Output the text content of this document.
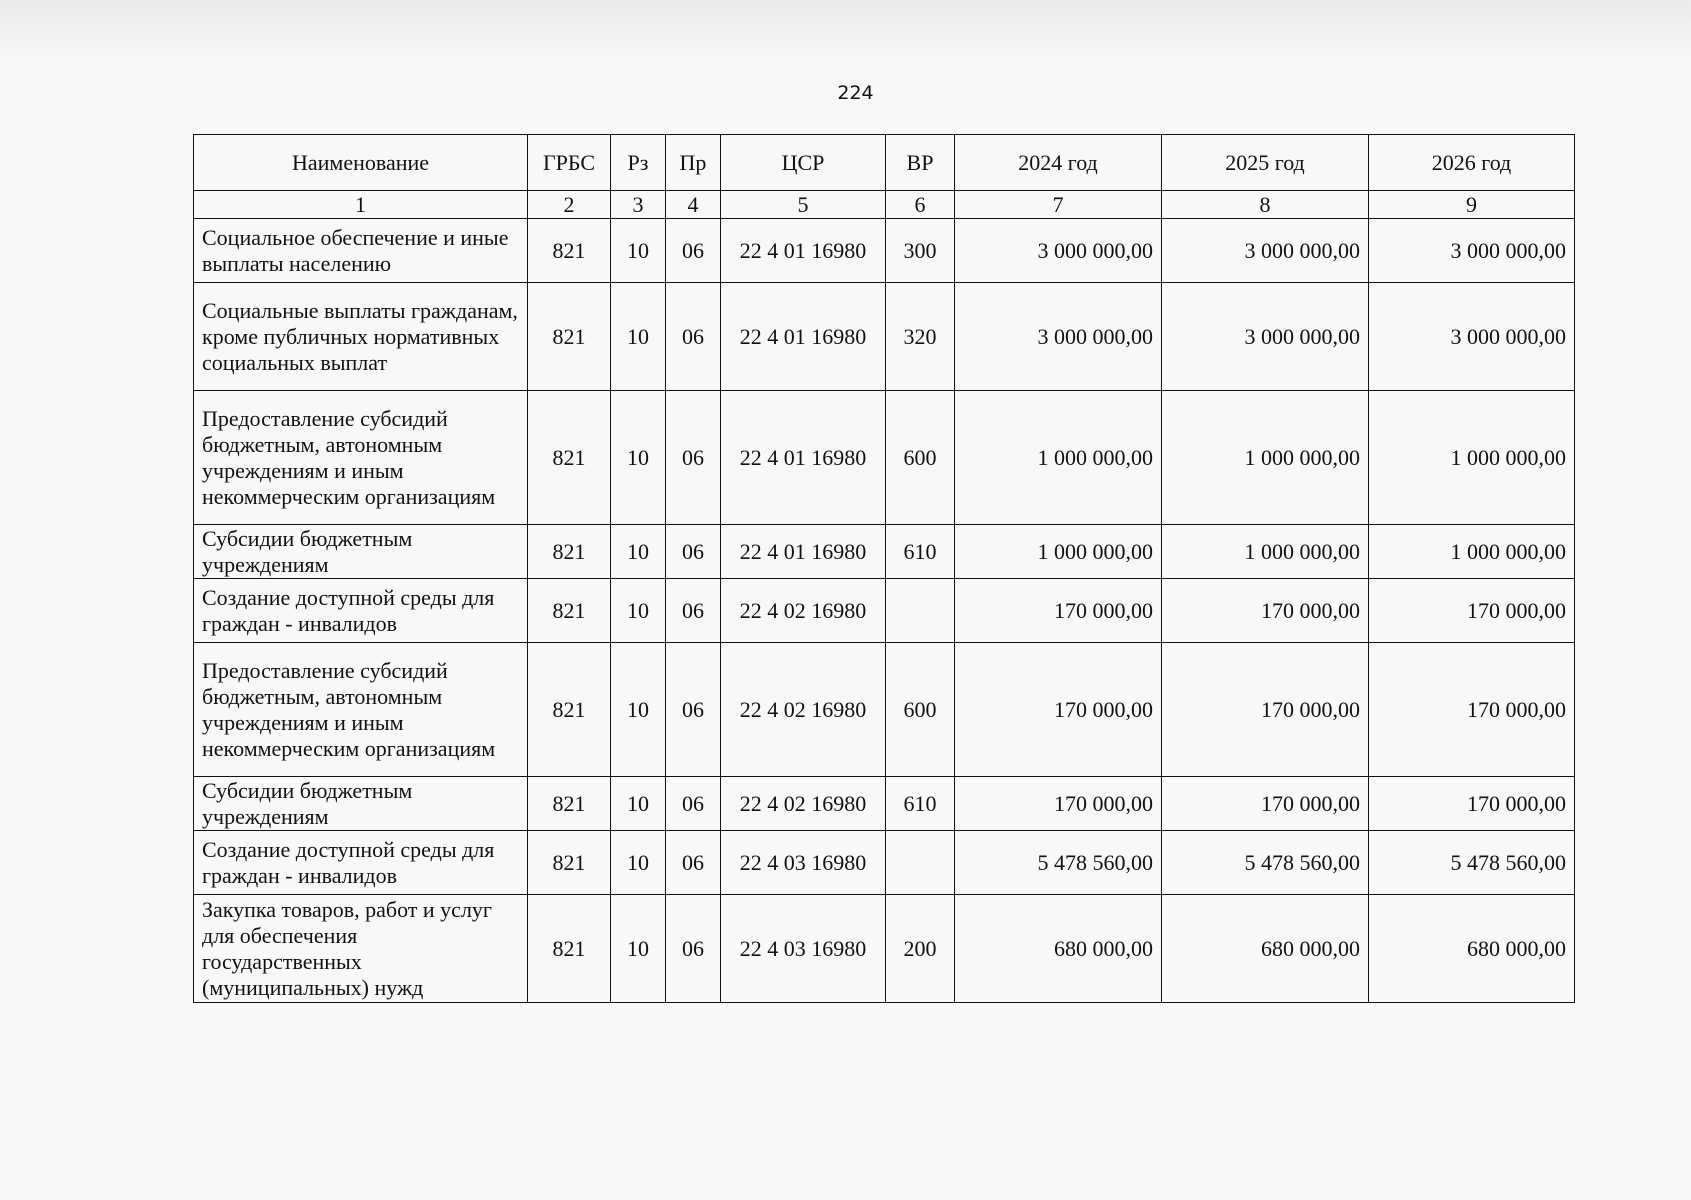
224
Наименование	ГРБС	Рз	Пр	ЦСР	ВР	2024 год	2025 год	2026 год
1	2	3	4	5	6	7	8	9
Социальное обеспечение и иные выплаты населению	821	10	06	22 4 01 16980	300	3 000 000,00	3 000 000,00	3 000 000,00
Социальные выплаты гражданам, кроме публичных нормативных социальных выплат	821	10	06	22 4 01 16980	320	3 000 000,00	3 000 000,00	3 000 000,00
Предоставление субсидий бюджетным, автономным учреждениям и иным некоммерческим организациям	821	10	06	22 4 01 16980	600	1 000 000,00	1 000 000,00	1 000 000,00
Субсидии бюджетным учреждениям	821	10	06	22 4 01 16980	610	1 000 000,00	1 000 000,00	1 000 000,00
Создание доступной среды для граждан - инвалидов	821	10	06	22 4 02 16980		170 000,00	170 000,00	170 000,00
Предоставление субсидий бюджетным, автономным учреждениям и иным некоммерческим организациям	821	10	06	22 4 02 16980	600	170 000,00	170 000,00	170 000,00
Субсидии бюджетным учреждениям	821	10	06	22 4 02 16980	610	170 000,00	170 000,00	170 000,00
Создание доступной среды для граждан - инвалидов	821	10	06	22 4 03 16980		5 478 560,00	5 478 560,00	5 478 560,00
Закупка товаров, работ и услуг для обеспечения государственных (муниципальных) нужд	821	10	06	22 4 03 16980	200	680 000,00	680 000,00	680 000,00
